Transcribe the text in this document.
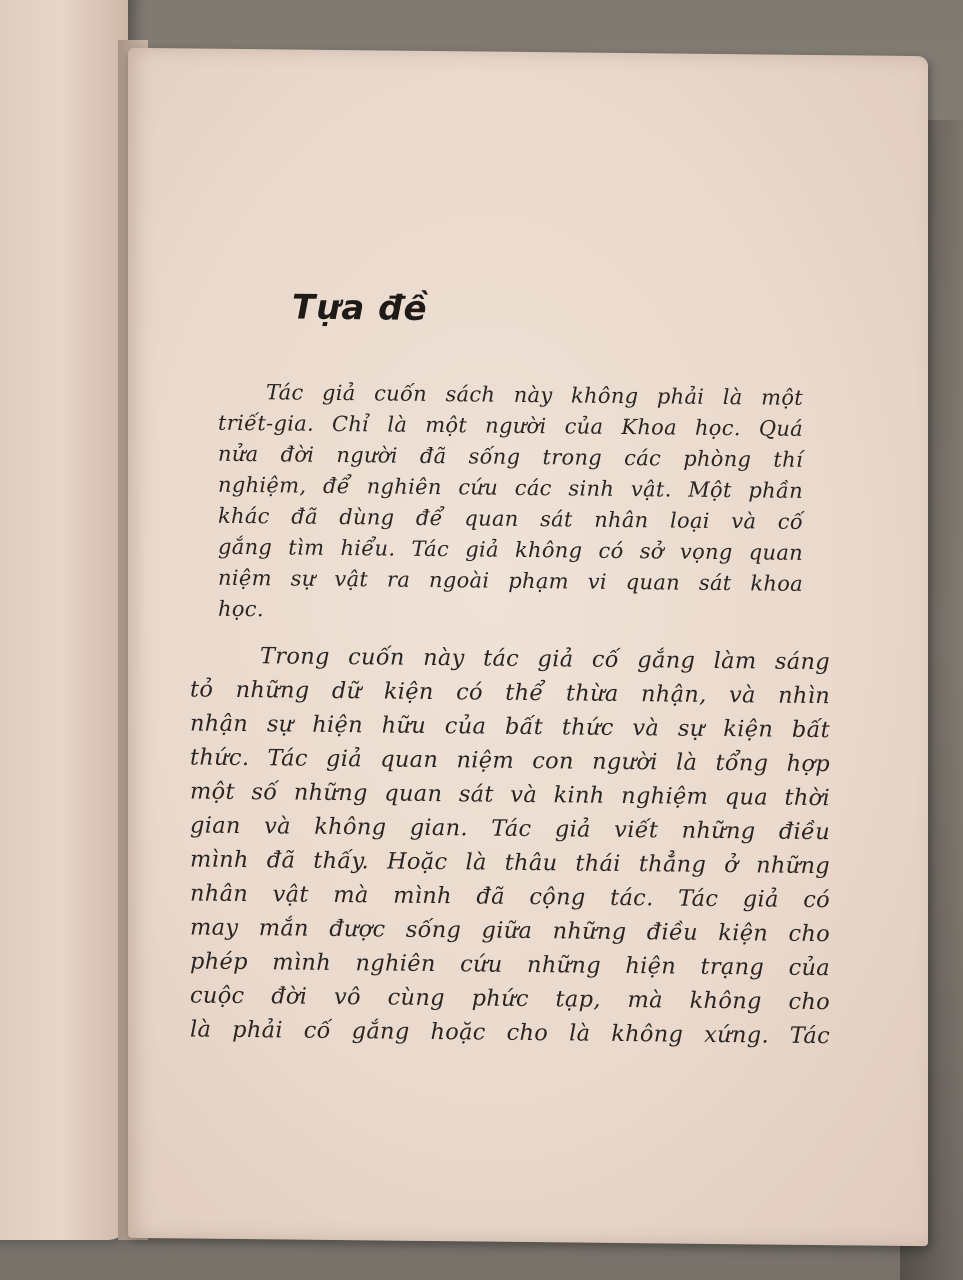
Tựa đề
Tác giả cuốn sách này không phải là một
triết-gia. Chỉ là một người của Khoa học. Quá
nửa đời người đã sống trong các phòng thí
nghiệm, để nghiên cứu các sinh vật. Một phần
khác đã dùng để quan sát nhân loại và cố
gắng tìm hiểu. Tác giả không có sở vọng quan
niệm sự vật ra ngoài phạm vi quan sát khoa
học.
Trong cuốn này tác giả cố gắng làm sáng
tỏ những dữ kiện có thể thừa nhận, và nhìn
nhận sự hiện hữu của bất thức và sự kiện bất
thức. Tác giả quan niệm con người là tổng hợp
một số những quan sát và kinh nghiệm qua thời
gian và không gian. Tác giả viết những điều
mình đã thấy. Hoặc là thâu thái thẳng ở những
nhân vật mà mình đã cộng tác. Tác giả có
may mắn được sống giữa những điều kiện cho
phép mình nghiên cứu những hiện trạng của
cuộc đời vô cùng phức tạp, mà không cho
là phải cố gắng hoặc cho là không xứng. Tác
